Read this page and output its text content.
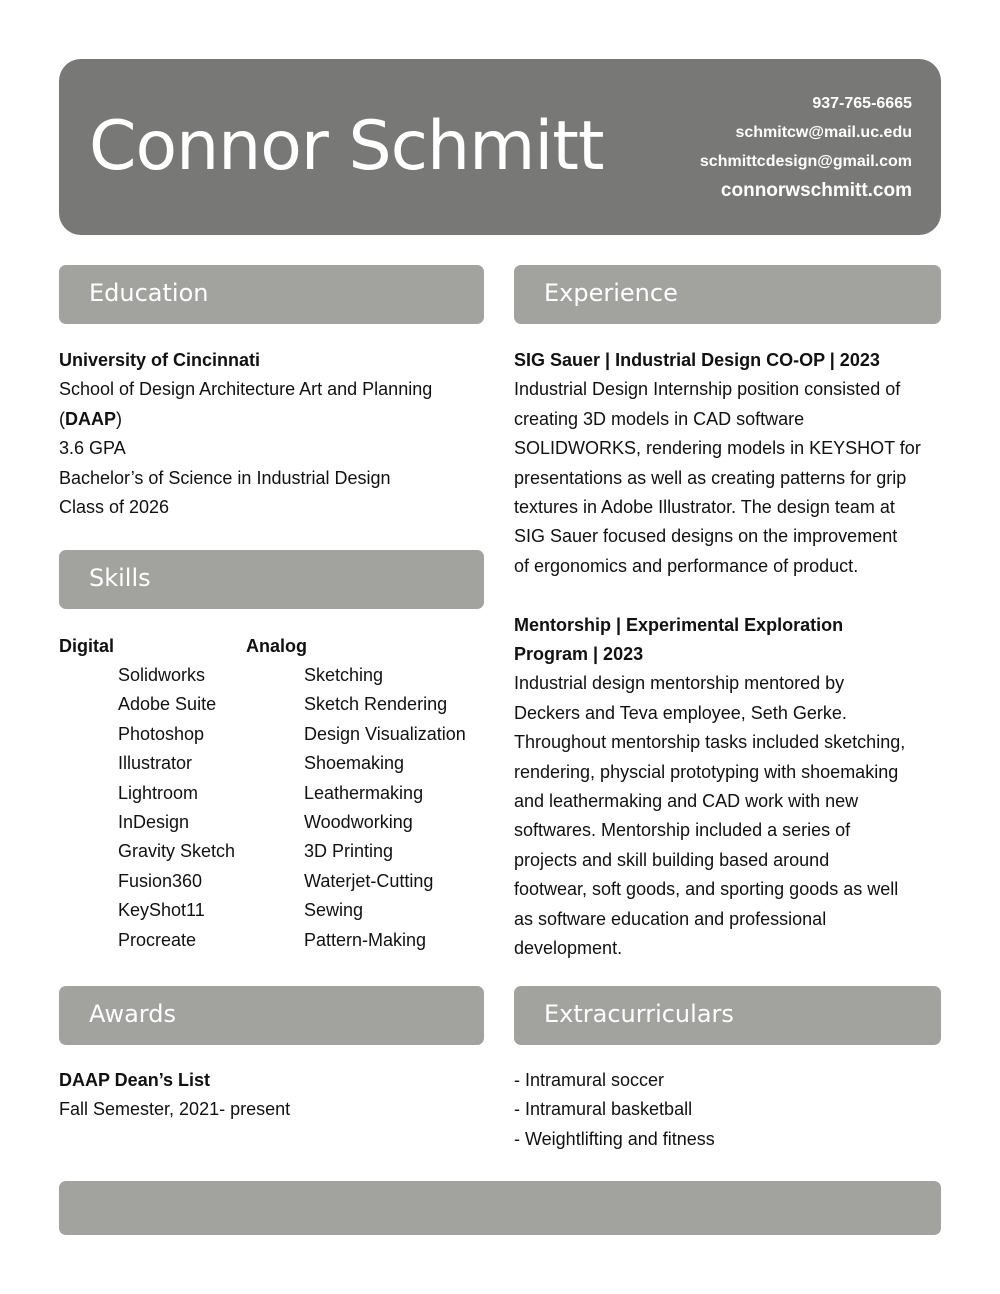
Connor Schmitt
937-765-6665
schmitcw@mail.uc.edu
schmittcdesign@gmail.com
connorwschmitt.com
Education
University of Cincinnati
School of Design Architecture Art and Planning
(DAAP)
3.6 GPA
Bachelor’s of Science in Industrial Design
Class of 2026
Skills
Digital	Analog
Solidworks
Adobe Suite
Photoshop
Illustrator
Lightroom
InDesign
Gravity Sketch
Fusion360
KeyShot11
Procreate
Sketching
Sketch Rendering
Design Visualization
Shoemaking
Leathermaking
Woodworking
3D Printing
Waterjet-Cutting
Sewing
Pattern-Making
Experience
SIG Sauer | Industrial Design CO-OP | 2023
Industrial Design Internship position consisted of
creating 3D models in CAD software
SOLIDWORKS, rendering models in KEYSHOT for
presentations as well as creating patterns for grip
textures in Adobe Illustrator. The design team at
SIG Sauer focused designs on the improvement
of ergonomics and performance of product.
Mentorship | Experimental Exploration
Program | 2023
Industrial design mentorship mentored by
Deckers and Teva employee, Seth Gerke.
Throughout mentorship tasks included sketching,
rendering, physcial prototyping with shoemaking
and leathermaking and CAD work with new
softwares. Mentorship included a series of
projects and skill building based around
footwear, soft goods, and sporting goods as well
as software education and professional
development.
Awards
DAAP Dean’s List
Fall Semester, 2021- present
Extracurriculars
- Intramural soccer
- Intramural basketball
- Weightlifting and fitness
